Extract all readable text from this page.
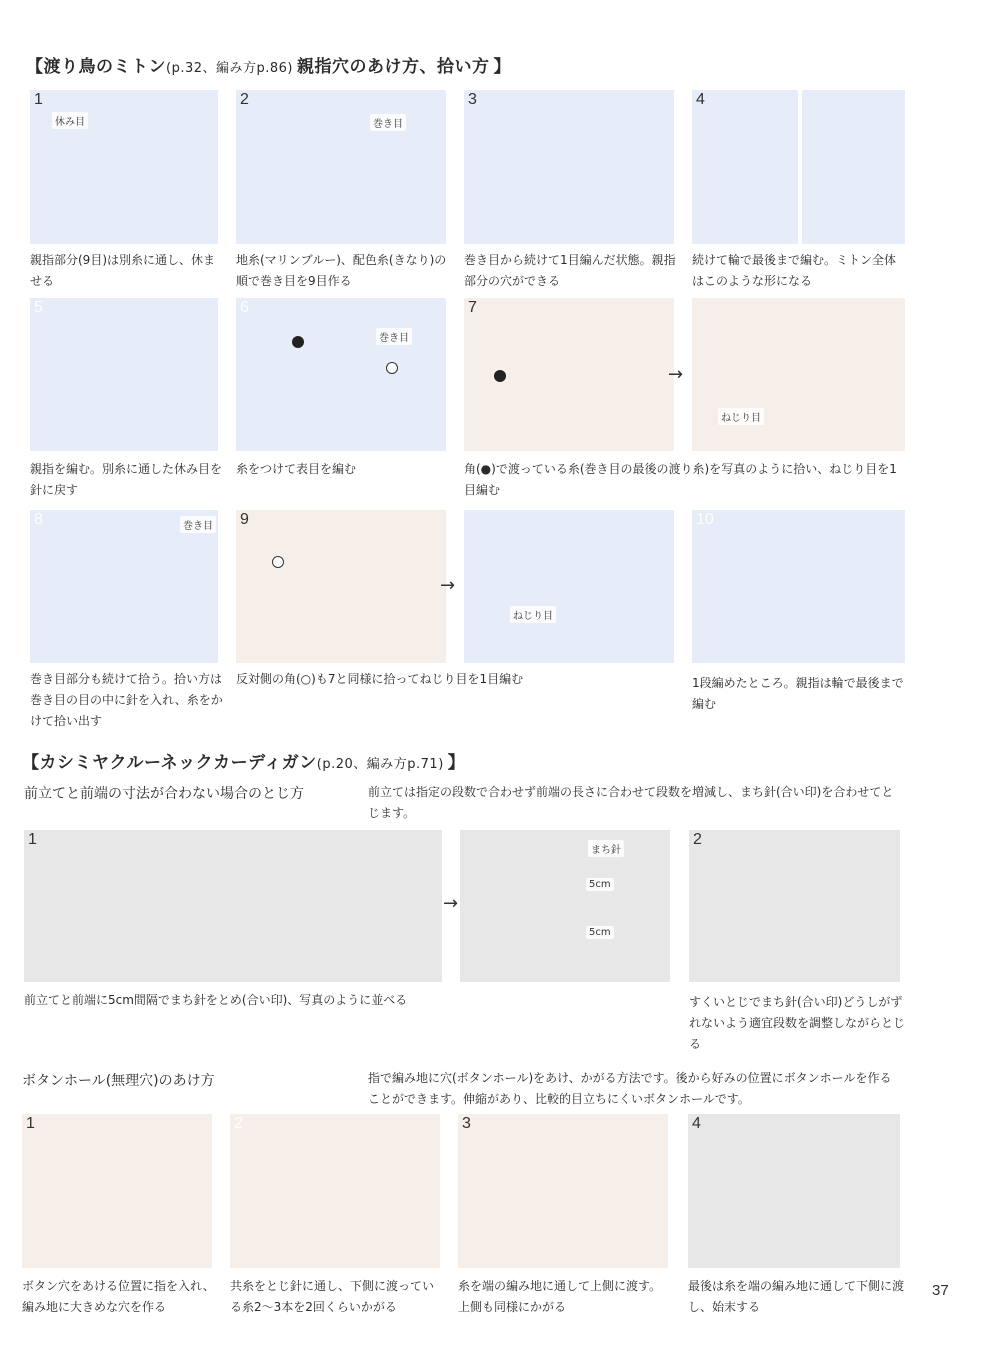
【渡り鳥のミトン(p.32、編み方p.86) 親指穴のあけ方、拾い方 】
1
休み目
2
巻き目
3	4
親指部分(9目)は別糸に通し、休ませる
地糸(マリンブルー)、配色糸(きなり)の順で巻き目を9目作る
巻き目から続けて1目編んだ状態。親指部分の穴ができる
続けて輪で最後まで編む。ミトン全体はこのような形になる
5	6
巻き目
7
→
ねじり目
親指を編む。別糸に通した休み目を針に戻す
糸をつけて表目を編む	角(●)で渡っている糸(巻き目の最後の渡り糸)を写真のように拾い、ねじり目を1目編む
8	巻き目 9
→
ねじり目
10
巻き目部分も続けて拾う。拾い方は巻き目の目の中に針を入れ、糸をかけて拾い出す
反対側の角(○)も7と同様に拾ってねじり目を1目編む	1段編めたところ。親指は輪で最後まで編む
【カシミヤクルーネックカーディガン(p.20、編み方p.71) 】
前立てと前端の寸法が合わない場合のとじ方	前立ては指定の段数で合わせず前端の長さに合わせて段数を増減し、まち針(合い印)を合わせてとじます。
1
→
まち針
5cm
5cm
2
前立てと前端に5cm間隔でまち針をとめ(合い印)、写真のように並べる	すくいとじでまち針(合い印)どうしがずれないよう適宜段数を調整しながらとじる
ボタンホール(無理穴)のあけ方	指で編み地に穴(ボタンホール)をあけ、かがる方法です。後から好みの位置にボタンホールを作ることができます。伸縮があり、比較的目立ちにくいボタンホールです。
1	2	3	4
ボタン穴をあける位置に指を入れ、編み地に大きめな穴を作る
共糸をとじ針に通し、下側に渡っている糸2〜3本を2回くらいかがる
糸を端の編み地に通して上側に渡す。上側も同様にかがる
最後は糸を端の編み地に通して下側に渡し、始末する
37
